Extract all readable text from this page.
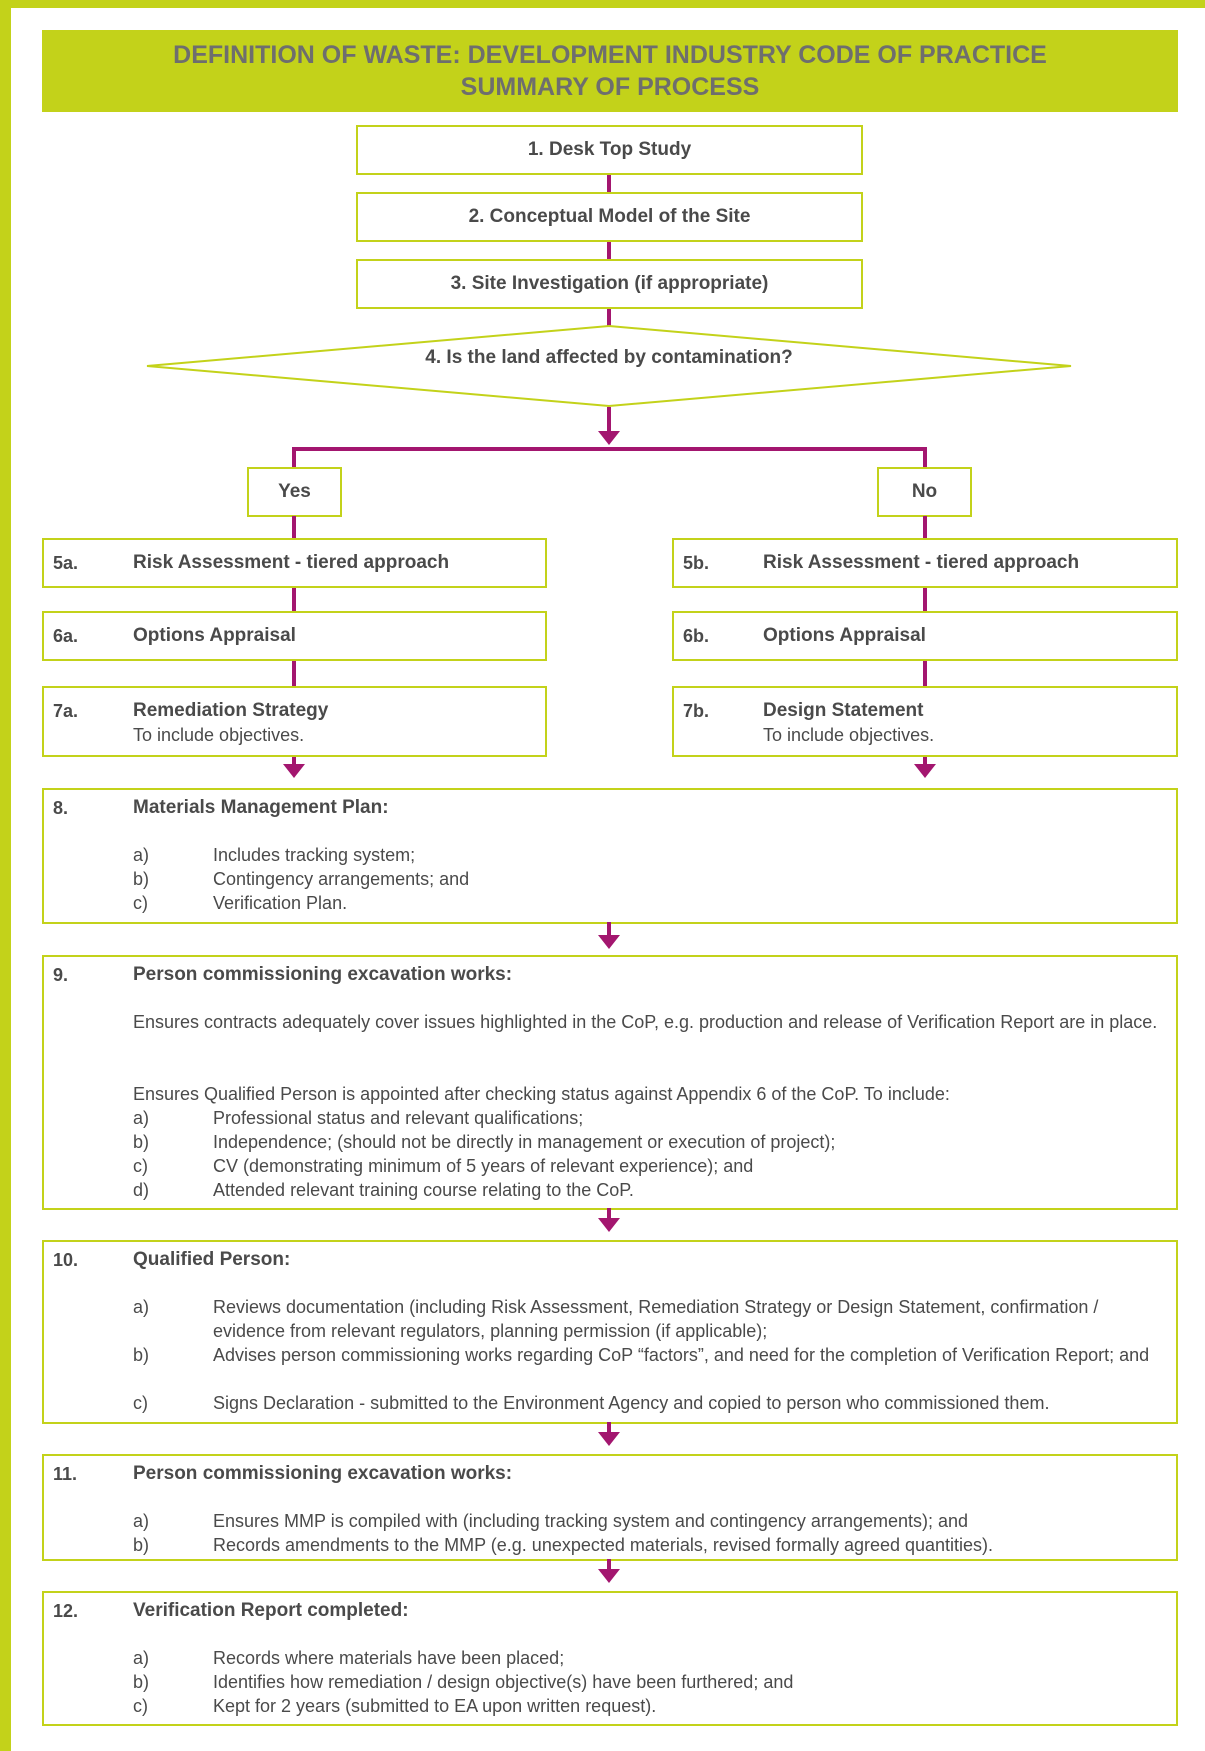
DEFINITION OF WASTE: DEVELOPMENT INDUSTRY CODE OF PRACTICE
SUMMARY OF PROCESS
1. Desk Top Study
2. Conceptual Model of the Site
3. Site Investigation (if appropriate)
4. Is the land affected by contamination?
Yes	No
5a.	Risk Assessment - tiered approach
6a.	Options Appraisal
7a.	Remediation Strategy
To include objectives.
5b.	Risk Assessment - tiered approach
6b.	Options Appraisal
7b.	Design Statement
To include objectives.
8.	Materials Management Plan:
a)	Includes tracking system;
b)	Contingency arrangements; and
c)	Verification Plan.
9.	Person commissioning excavation works:
Ensures contracts adequately cover issues highlighted in the CoP, e.g. production and release of Verification Report are in place.
Ensures Qualified Person is appointed after checking status against Appendix 6 of the CoP. To include:
a)	Professional status and relevant qualifications;
b)	Independence; (should not be directly in management or execution of project);
c)	CV (demonstrating minimum of 5 years of relevant experience); and
d)	Attended relevant training course relating to the CoP.
10.	Qualified Person:
a)	Reviews documentation (including Risk Assessment, Remediation Strategy or Design Statement, confirmation / evidence from relevant regulators, planning permission (if applicable);
b)	Advises person commissioning works regarding CoP “factors”, and need for the completion of Verification Report; and
c)	Signs Declaration - submitted to the Environment Agency and copied to person who commissioned them.
11.	Person commissioning excavation works:
a)	Ensures MMP is compiled with (including tracking system and contingency arrangements); and
b)	Records amendments to the MMP (e.g. unexpected materials, revised formally agreed quantities).
12.	Verification Report completed:
a)	Records where materials have been placed;
b)	Identifies how remediation / design objective(s) have been furthered; and
c)	Kept for 2 years (submitted to EA upon written request).
